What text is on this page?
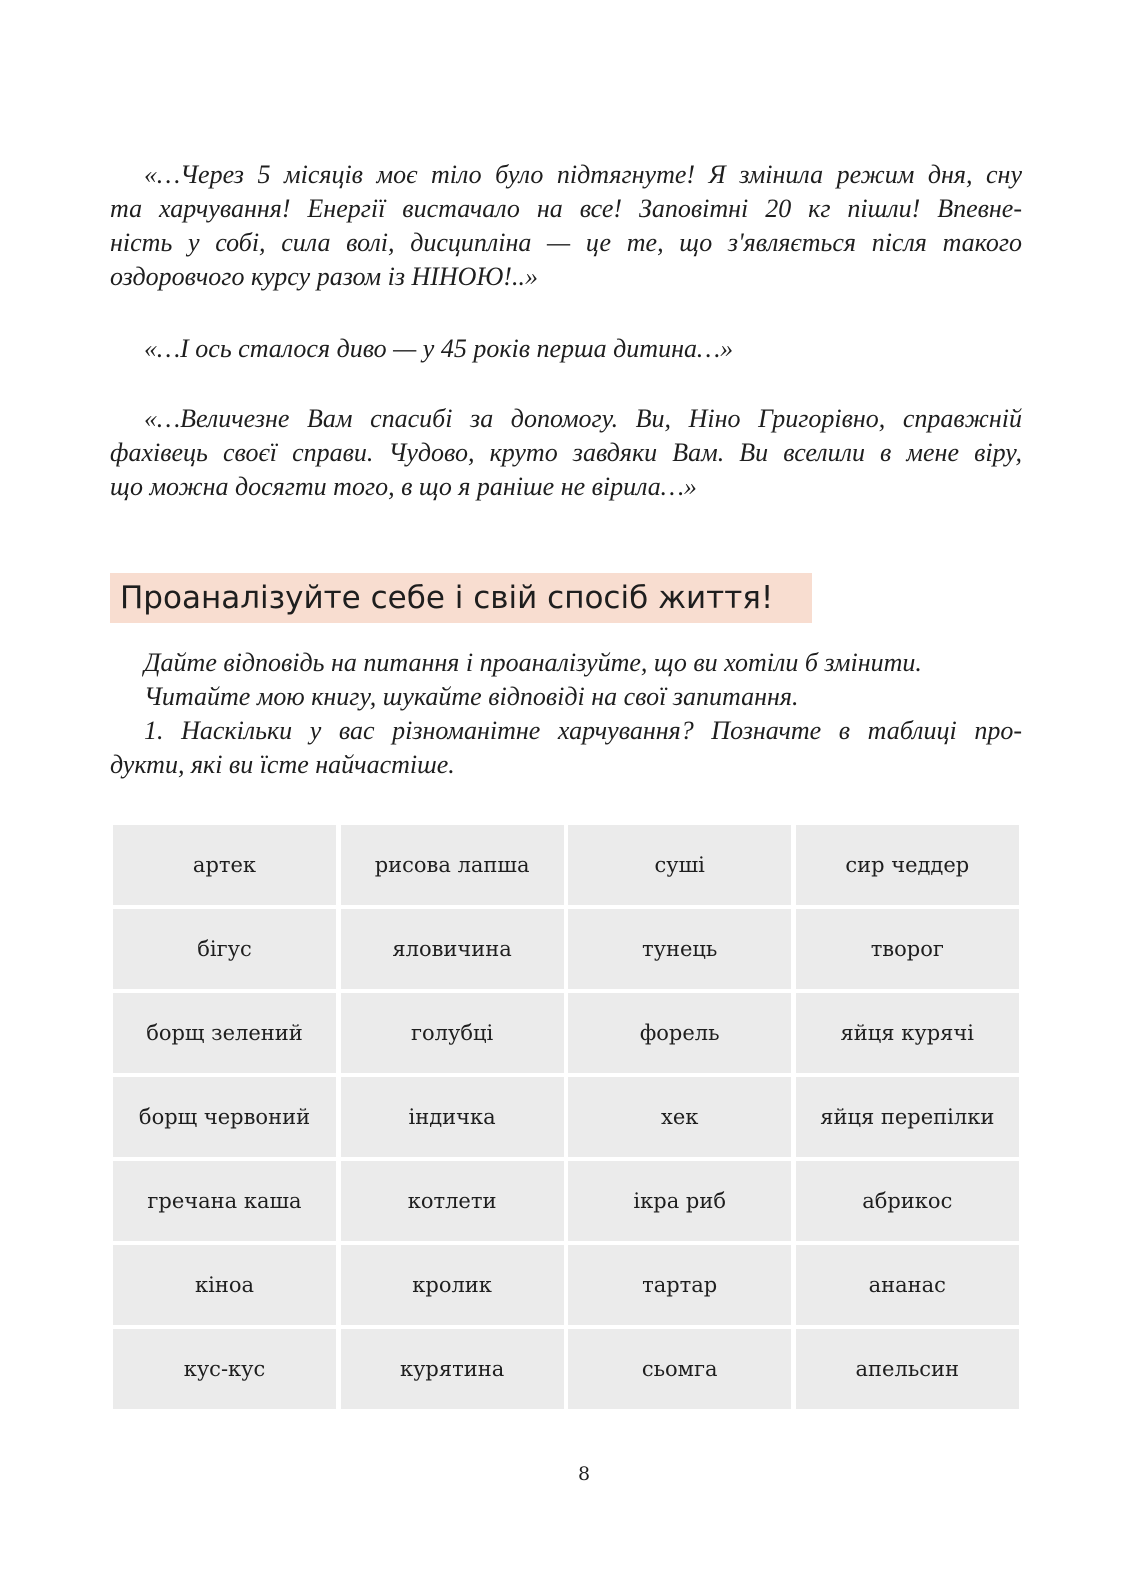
«…Через 5 місяців моє тіло було підтягнуте! Я змінила режим дня, сну
та харчування! Енергії вистачало на все! Заповітні 20 кг пішли! Впевне-
ність у собі, сила волі, дисципліна — це те, що з'являється після такого
оздоровчого курсу разом із НІНОЮ!..»
«…І ось сталося диво — у 45 років перша дитина…»
«…Величезне Вам спасибі за допомогу. Ви, Ніно Григорівно, справжній
фахівець своєї справи. Чудово, круто завдяки Вам. Ви вселили в мене віру,
що можна досягти того, в що я раніше не вірила…»
Проаналізуйте себе і свій спосіб життя!
Дайте відповідь на питання і проаналізуйте, що ви хотіли б змінити.
Читайте мою книгу, шукайте відповіді на свої запитання.
1. Наскільки у вас різноманітне харчування? Позначте в таблиці про-
дукти, які ви їсте найчастіше.
артек	рисова лапша	суші	сир чеддер
бігус	яловичина	тунець	творог
борщ зелений	голубці	форель	яйця курячі
борщ червоний	індичка	хек	яйця перепілки
гречана каша	котлети	ікра риб	абрикос
кіноа	кролик	тартар	ананас
кус-кус	курятина	сьомга	апельсин
8
